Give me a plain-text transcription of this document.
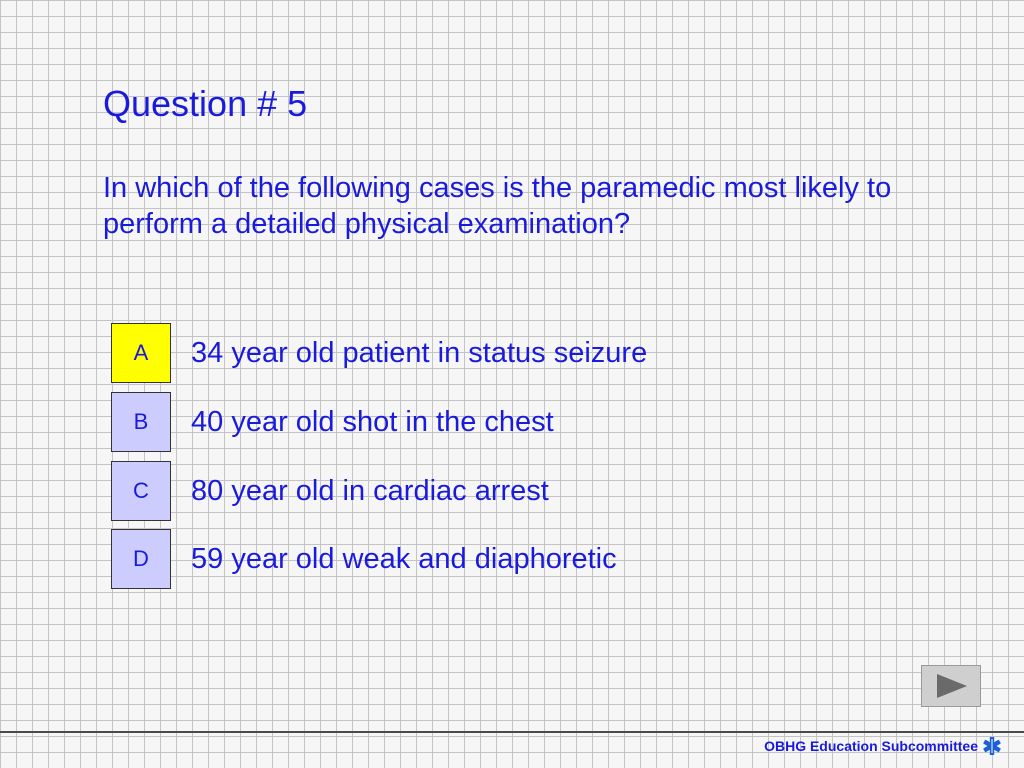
Question # 5

In which of the following cases is the paramedic most likely to perform a detailed physical examination?

A	34 year old patient in status seizure
B	40 year old shot in the chest
C	80 year old in cardiac arrest
D	59 year old weak and diaphoretic
OBHG Education Subcommittee
